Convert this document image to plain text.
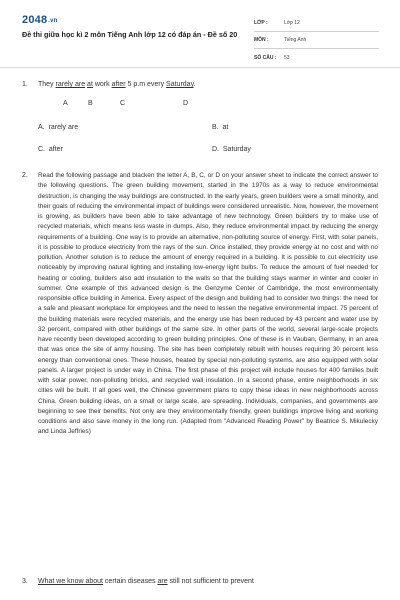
2048.vn
Đề thi giữa học kì 2 môn Tiếng Anh lớp 12 có đáp án - Đề số 20
LỚP :	Lớp 12
MÔN :	Tiếng Anh
SỐ CÂU :	53
1. They rarely are at work after 5 p.m every Saturday.
A	B	C	D
A. rarely are	B. at
C. after	D. Saturday
2. Read the following passage and blacken the letter A, B, C, or D on your answer sheet to indicate the correct answer to the following questions. The green building movement, started in the 1970s as a way to reduce environmental destruction, is changing the way buildings are constructed. In the early years, green builders were a small minority, and their goals of reducing the environmental impact of buildings were considered unrealistic. Now, however, the movement is growing, as builders have been able to take advantage of new technology. Green builders try to make use of recycled materials, which means less waste in dumps. Also, they reduce environmental impact by reducing the energy requirements of a building. One way is to provide an alternative, non-polluting source of energy. First, with solar panels, it is possible to produce electricity from the rays of the sun. Once installed, they provide energy at no cost and with no pollution. Another solution is to reduce the amount of energy required in a building. It is possible to cut electricity use noticeably by improving natural lighting and installing low-energy light bulbs. To reduce the amount of fuel needed for heating or cooling, builders also add insulation to the walls so that the building stays warmer in winter and cooler in summer. One example of this advanced design is the Genzyme Center of Cambridge, the most environmentally responsible office building in America. Every aspect of the design and building had to consider two things: the need for a safe and pleasant workplace for employees and the need to lessen the negative environmental impact. 75 percent of the building materials were recycled materials, and the energy use has been reduced by 43 percent and water use by 32 percent, compared with other buildings of the same size. In other parts of the world, several large-scale projects have recently been developed according to green building principles. One of these is in Vauban, Germany, in an area that was once the site of army housing. The site has been completely rebuilt with houses requiring 30 percent less energy than conventional ones. These houses, heated by special non-polluting systems, are also equipped with solar panels. A larger project is under way in China. The first phase of this project will include houses for 400 families built with solar power, non-polluting bricks, and recycled wall insulation. In a second phase, entire neighborhoods in six cities will be built. If all goes well, the Chinese government plans to copy these ideas in new neighborhoods across China. Green building ideas, on a small or large scale, are spreading. Individuals, companies, and governments are beginning to see their benefits. Not only are they environmentally friendly, green buildings improve living and working conditions and also save money in the long run. (Adapted from "Advanced Reading Power" by Beatrice S. Mikulecky and Linda Jeffries)
3. What we know about certain diseases are still not sufficient to prevent
